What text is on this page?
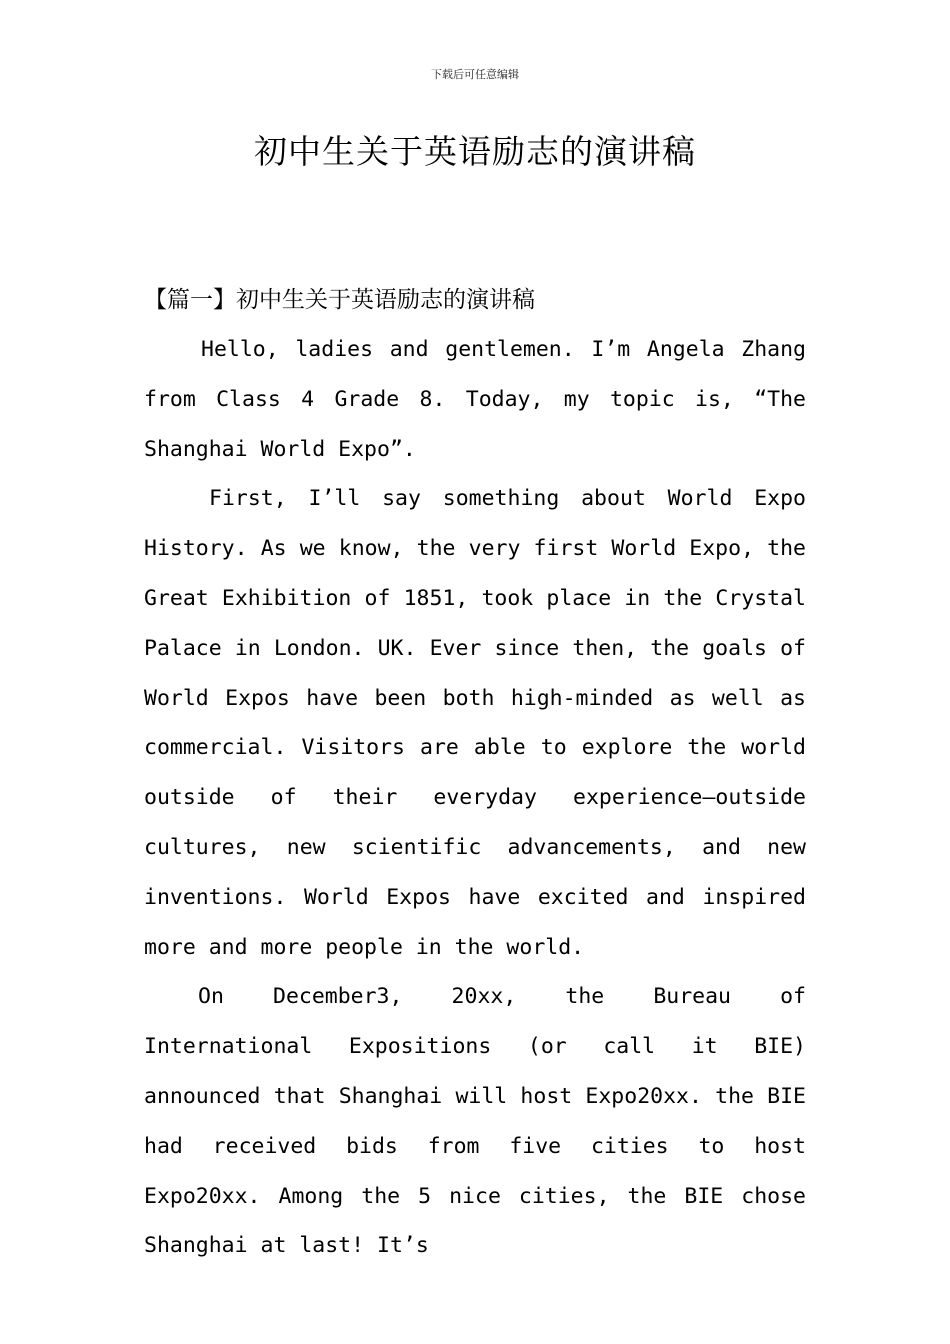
下载后可任意编辑
初中生关于英语励志的演讲稿
【篇一】初中生关于英语励志的演讲稿

Hello, ladies and gentlemen. I’m Angela Zhang from Class 4 Grade 8. Today, my topic is, “The Shanghai World Expo”.

First, I’ll say something about World Expo History. As we know, the very first World Expo, the Great Exhibition of 1851, took place in the Crystal Palace in London. UK. Ever since then, the goals of World Expos have been both high-minded as well as commercial. Visitors are able to explore the world outside of their everyday experience—outside cultures, new scientific advancements, and new inventions. World Expos have excited and inspired more and more people in the world.

On December3, 20xx, the Bureau of International Expositions (or call it BIE) announced that Shanghai will host Expo20xx. the BIE had received bids from five cities to host Expo20xx. Among the 5 nice cities, the BIE chose Shanghai at last! It’s
